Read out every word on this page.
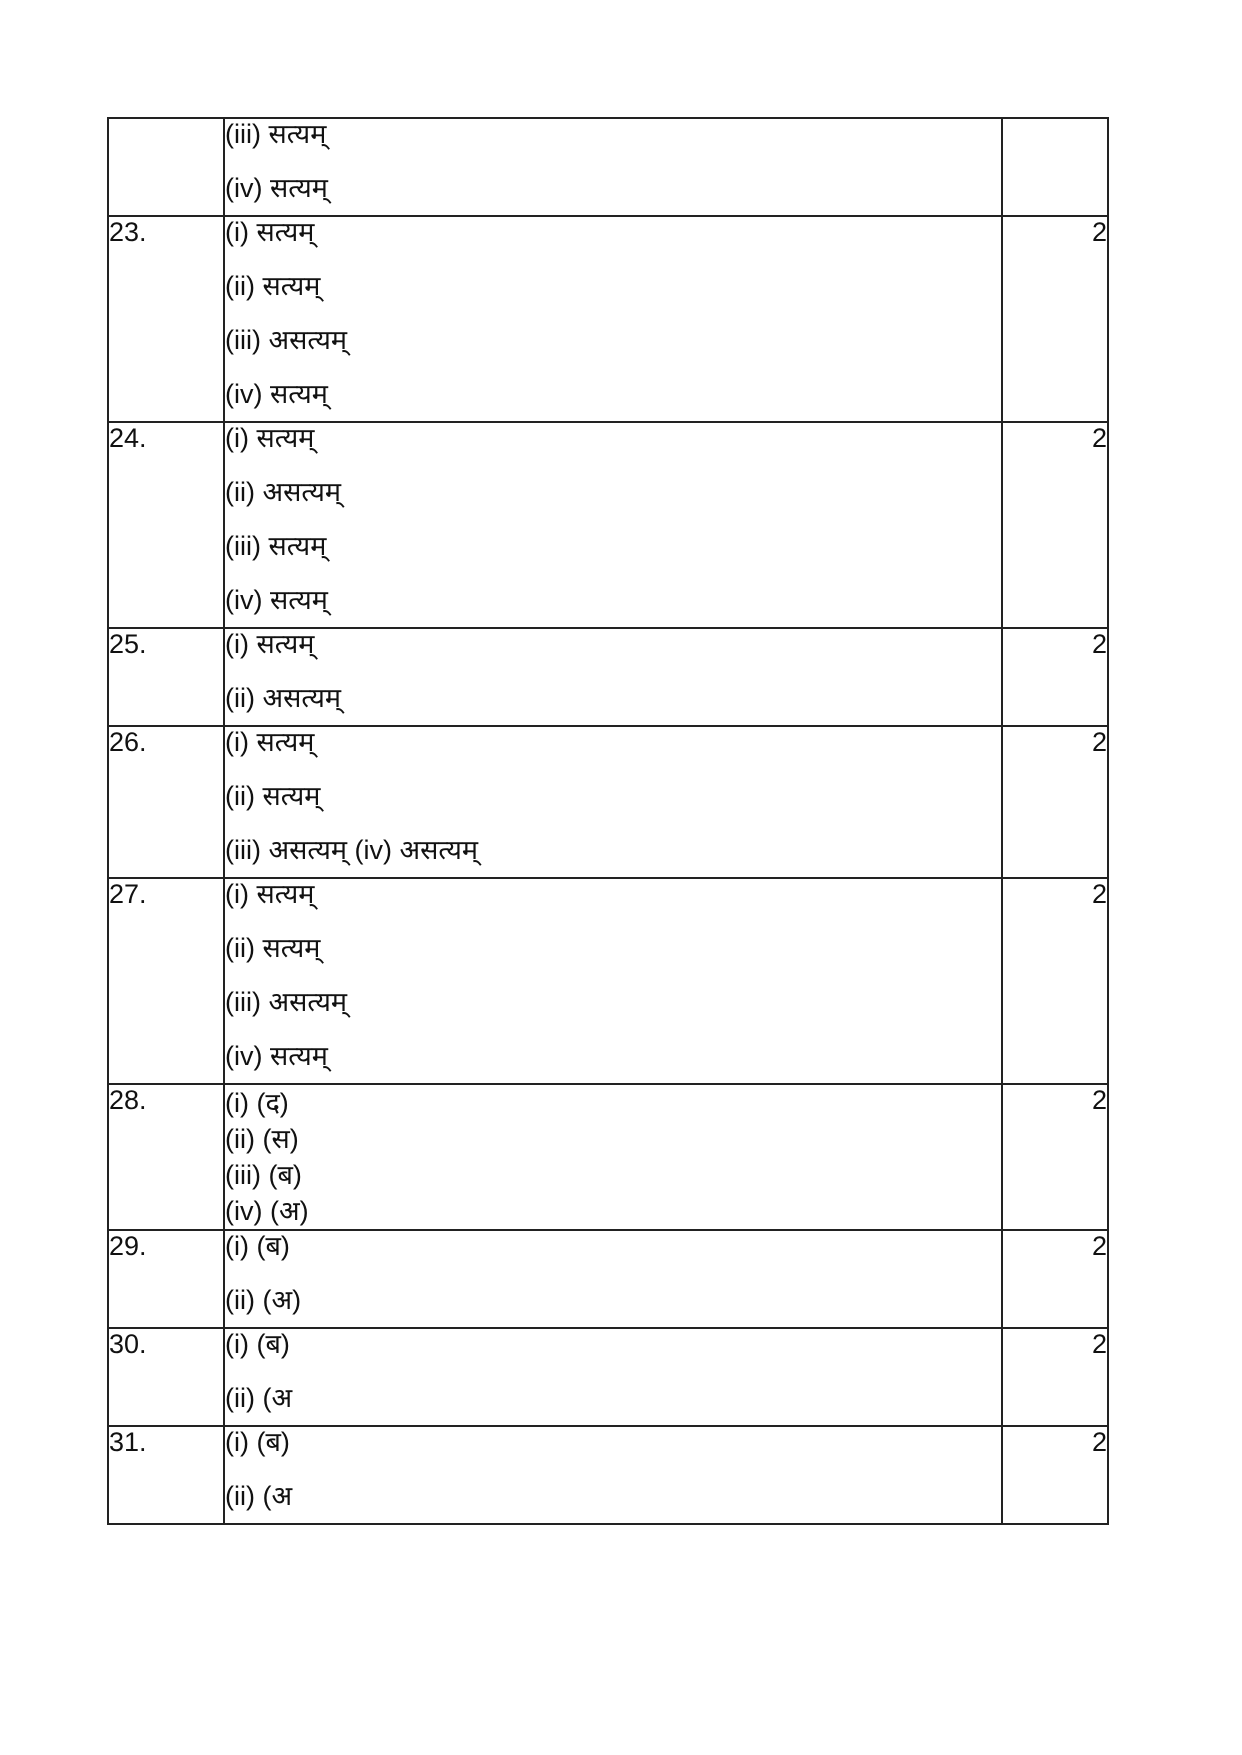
	(iii) सत्यम्
(iv) सत्यम्	

23.	(i) सत्यम्
(ii) सत्यम्
(iii) असत्यम्
(iv) सत्यम्	2
24.	(i) सत्यम्
(ii) असत्यम्
(iii) सत्यम्
(iv) सत्यम्	2
25.	(i) सत्यम्
(ii) असत्यम्	2
26.	(i) सत्यम्
(ii) सत्यम्
(iii) असत्यम् (iv) असत्यम्	2
27.	(i) सत्यम्
(ii) सत्यम्
(iii) असत्यम्
(iv) सत्यम्	2
28.	(i) (द)
(ii) (स)
(iii) (ब)
(iv) (अ)	2
29.	(i) (ब)
(ii) (अ)	2
30.	(i) (ब)
(ii) (अ	2
31.	(i) (ब)
(ii) (अ	2
